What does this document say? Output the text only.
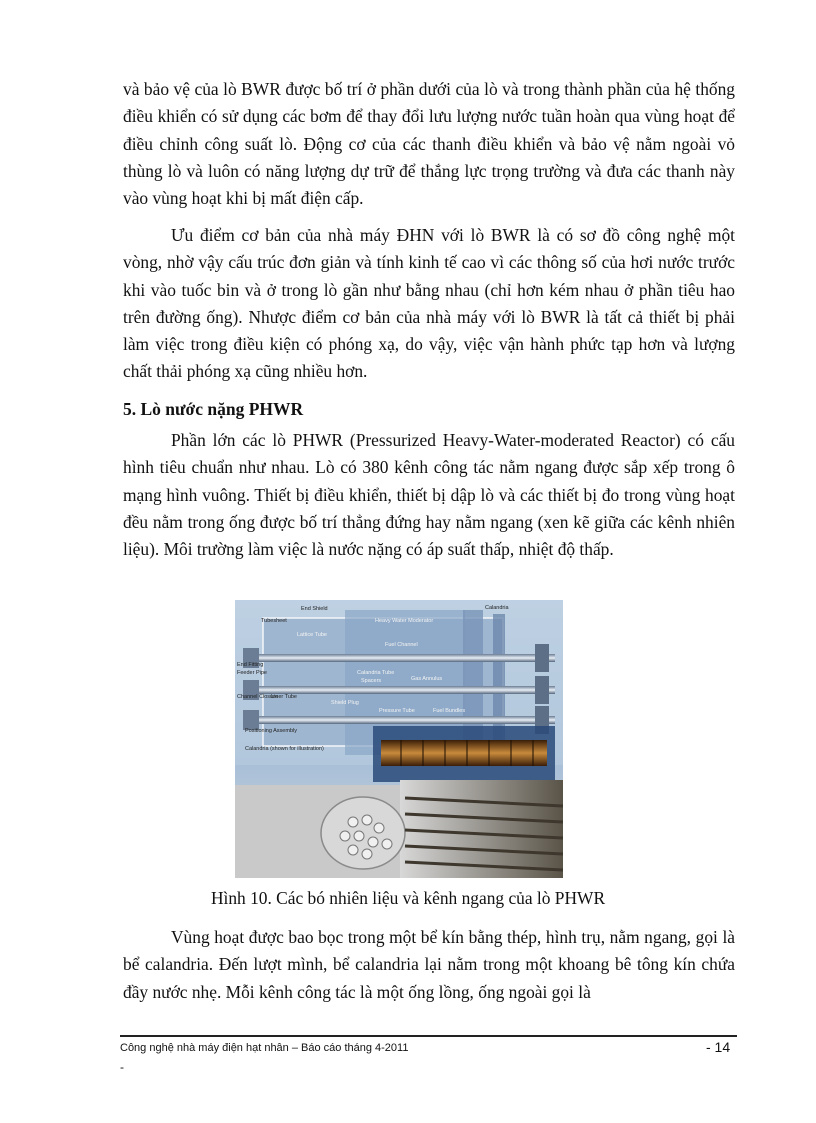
và bảo vệ của lò BWR được bố trí ở phần dưới của lò và trong thành phần của hệ thống điều khiển có sử dụng các bơm để thay đổi lưu lượng nước tuần hoàn qua vùng hoạt để điều chỉnh công suất lò. Động cơ của các thanh điều khiển và bảo vệ nằm ngoài vỏ thùng lò và luôn có năng lượng dự trữ để thắng lực trọng trường và đưa các thanh này vào vùng hoạt khi bị mất điện cấp.

Ưu điểm cơ bản của nhà máy ĐHN với lò BWR là có sơ đồ công nghệ một vòng, nhờ vậy cấu trúc đơn giản và tính kinh tế cao vì các thông số của hơi nước trước khi vào tuốc bin và ở trong lò gần như bằng nhau (chỉ hơn kém nhau ở phần tiêu hao trên đường ống). Nhược điểm cơ bản của nhà máy với lò BWR là tất cả thiết bị phải làm việc trong điều kiện có phóng xạ, do vậy, việc vận hành phức tạp hơn và lượng chất thải phóng xạ cũng nhiều hơn.

5. Lò nước nặng PHWR

Phần lớn các lò PHWR (Pressurized Heavy-Water-moderated Reactor) có cấu hình tiêu chuẩn như nhau. Lò có 380 kênh công tác nằm ngang được sắp xếp trong ô mạng hình vuông. Thiết bị điều khiển, thiết bị dập lò và các thiết bị đo trong vùng hoạt đều nằm trong ống được bố trí thẳng đứng hay nằm ngang (xen kẽ giữa các kênh nhiên liệu). Môi trường làm việc là nước nặng có áp suất thấp, nhiệt độ thấp.

Calandria
End Shield
Tubesheet	Heavy Water Moderator
Lattice Tube
Fuel Channel
End Fitting
Feeder Pipe	Calandria Tube
Spacers	Gas Annulus
Channel Closure
Liner Tube
Shield Plug
Pressure Tube	Fuel Bundles
Positioning Assembly
Calandria (shown for illustration)

Hình 10. Các bó nhiên liệu và kênh ngang của lò PHWR

Vùng hoạt được bao bọc trong một bể kín bằng thép, hình trụ, nằm ngang, gọi là bể calandria. Đến lượt mình, bể calandria lại nằm trong một khoang bê tông kín chứa đầy nước nhẹ. Mỗi kênh công tác là một ống lồng, ống ngoài gọi là

Công nghệ nhà máy điện hạt nhân – Báo cáo tháng 4-2011	- 14

-
